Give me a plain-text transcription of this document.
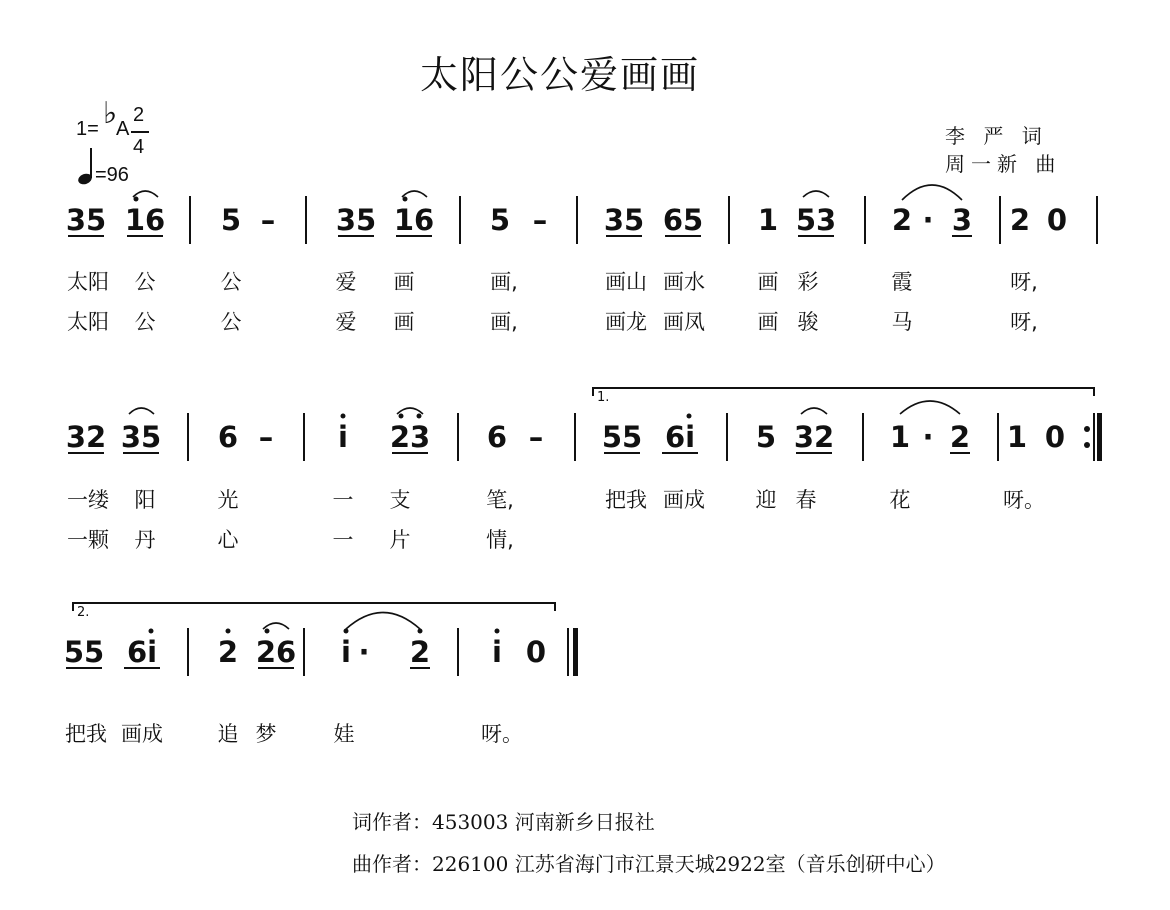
太阳公公爱画画
1= ♭
A
2
4
=96
李 严 词
周一新 曲
35 16 5 – 35 16 5 – 35 65 1 53 2 · 3 2 0
太阳 公	公	爱 画	画,	画山 画水	画 彩	霞	呀,
太阳 公	公	爱 画	画,	画龙 画凤	画 骏	马	呀,
32 35 6 – i 23 6 – 55 6i 5 32 1 · 2 1 0
一缕 阳	光	一 支	笔,	把我 画成 迎 春	花	呀。
一颗 丹	心	一 片	情,
55 6i 2 26 i · 2 i 0
把我 画成	追 梦	娃	呀。
1.
2.
词作者：453003 河南新乡日报社
曲作者：226100 江苏省海门市江景天城2922室（音乐创研中心）
